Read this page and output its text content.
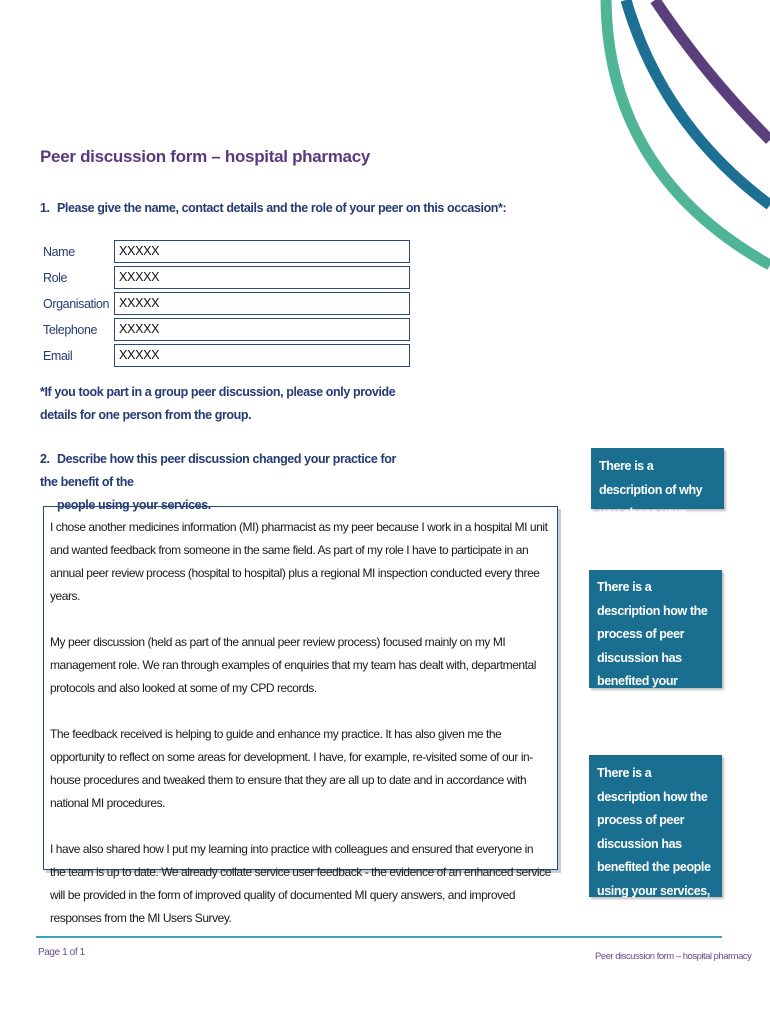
Peer discussion form – hospital pharmacy
1. Please give the name, contact details and the role of your peer on this occasion*:
Name	XXXXX
Role	XXXXX
Organisation XXXXX
Telephone	XXXXX
Email	XXXXX
*If you took part in a group peer discussion, please only provide details for one person from the group.
2. Describe how this peer discussion changed your practice for the benefit of the
people using your services.

I chose another medicines information (MI) pharmacist as my peer because I work in a hospital MI unit and wanted feedback from someone in the same field. As part of my role I have to participate in an annual peer review process (hospital to hospital) plus a regional MI inspection conducted every three years.

My peer discussion (held as part of the annual peer review process) focused mainly on my MI management role. We ran through examples of enquiries that my team has dealt with, departmental protocols and also looked at some of my CPD records.

The feedback received is helping to guide and enhance my practice. It has also given me the opportunity to reflect on some areas for development. I have, for example, re-visited some of our in-house procedures and tweaked them to ensure that they are all up to date and in accordance with national MI procedures.

I have also shared how I put my learning into practice with colleagues and ensured that everyone in the team is up to date. We already collate service user feedback - the evidence of an enhanced service will be provided in the form of improved quality of documented MI query answers, and improved responses from the MI Users Survey.

There is a description of why you chose your peer(s)
There is a description how the process of peer discussion has benefited your practice
There is a description how the process of peer discussion has benefited the people using your services, illustrated with an example
Page 1 of 1	Peer discussion form – hospital pharmacy
